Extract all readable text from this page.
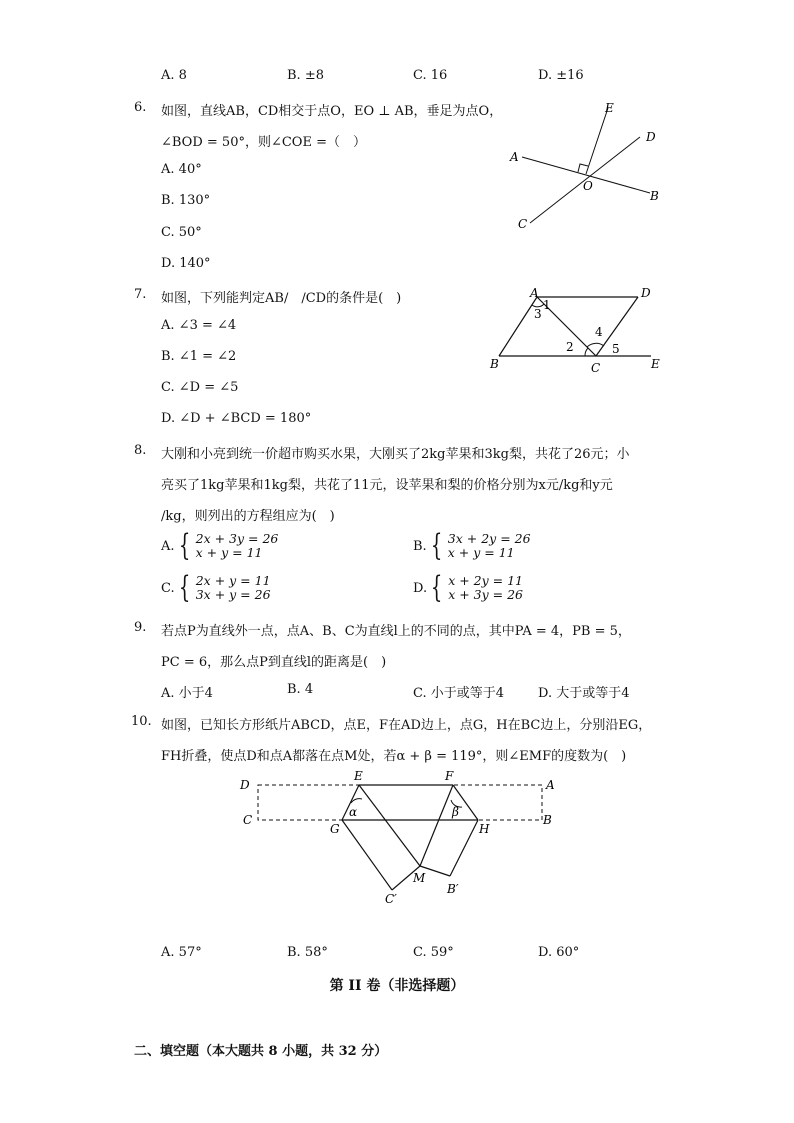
A. 8	B. ±8	C. 16	D. ±16
6. 如图，直线AB，CD相交于点O，EO ⊥ AB，垂足为点O，
∠BOD = 50°，则∠COE =（　）
A. 40°
B. 130°
C. 50°
D. 140°
E
D
A
O
B
C
7. 如图，下列能判定AB/　/CD的条件是(　)
A. ∠3 = ∠4
B. ∠1 = ∠2
C. ∠D = ∠5
D. ∠D + ∠BCD = 180°
A	D
B	C	E
1
3
2
4
5
8. 大刚和小亮到统一价超市购买水果，大刚买了2kg苹果和3kg梨，共花了26元；小
亮买了1kg苹果和1kg梨，共花了11元，设苹果和梨的价格分别为x元/kg和y元
/kg，则列出的方程组应为(　)
A. { 2x + 3y = 26
x + y = 11	B. { 3x + 2y = 26
x + y = 11
C. { 2x + y = 11
3x + y = 26	D. { x + 2y = 11
x + 3y = 26
9. 若点P为直线外一点，点A、B、C为直线l上的不同的点，其中PA = 4，PB = 5，
PC = 6，那么点P到直线l的距离是(　)
A. 小于4	B. 4	C. 小于或等于4	D. 大于或等于4
10. 如图，已知长方形纸片ABCD，点E，F在AD边上，点G，H在BC边上，分别沿EG，
FH折叠，使点D和点A都落在点M处，若α + β = 119°，则∠EMF的度数为(　)
D
E	F
A
C
G	H
B
M
C′
B′
α	β
A. 57°	B. 58°	C. 59°	D. 60°
第 II 卷（非选择题）
二、填空题（本大题共 8 小题，共 32 分）
